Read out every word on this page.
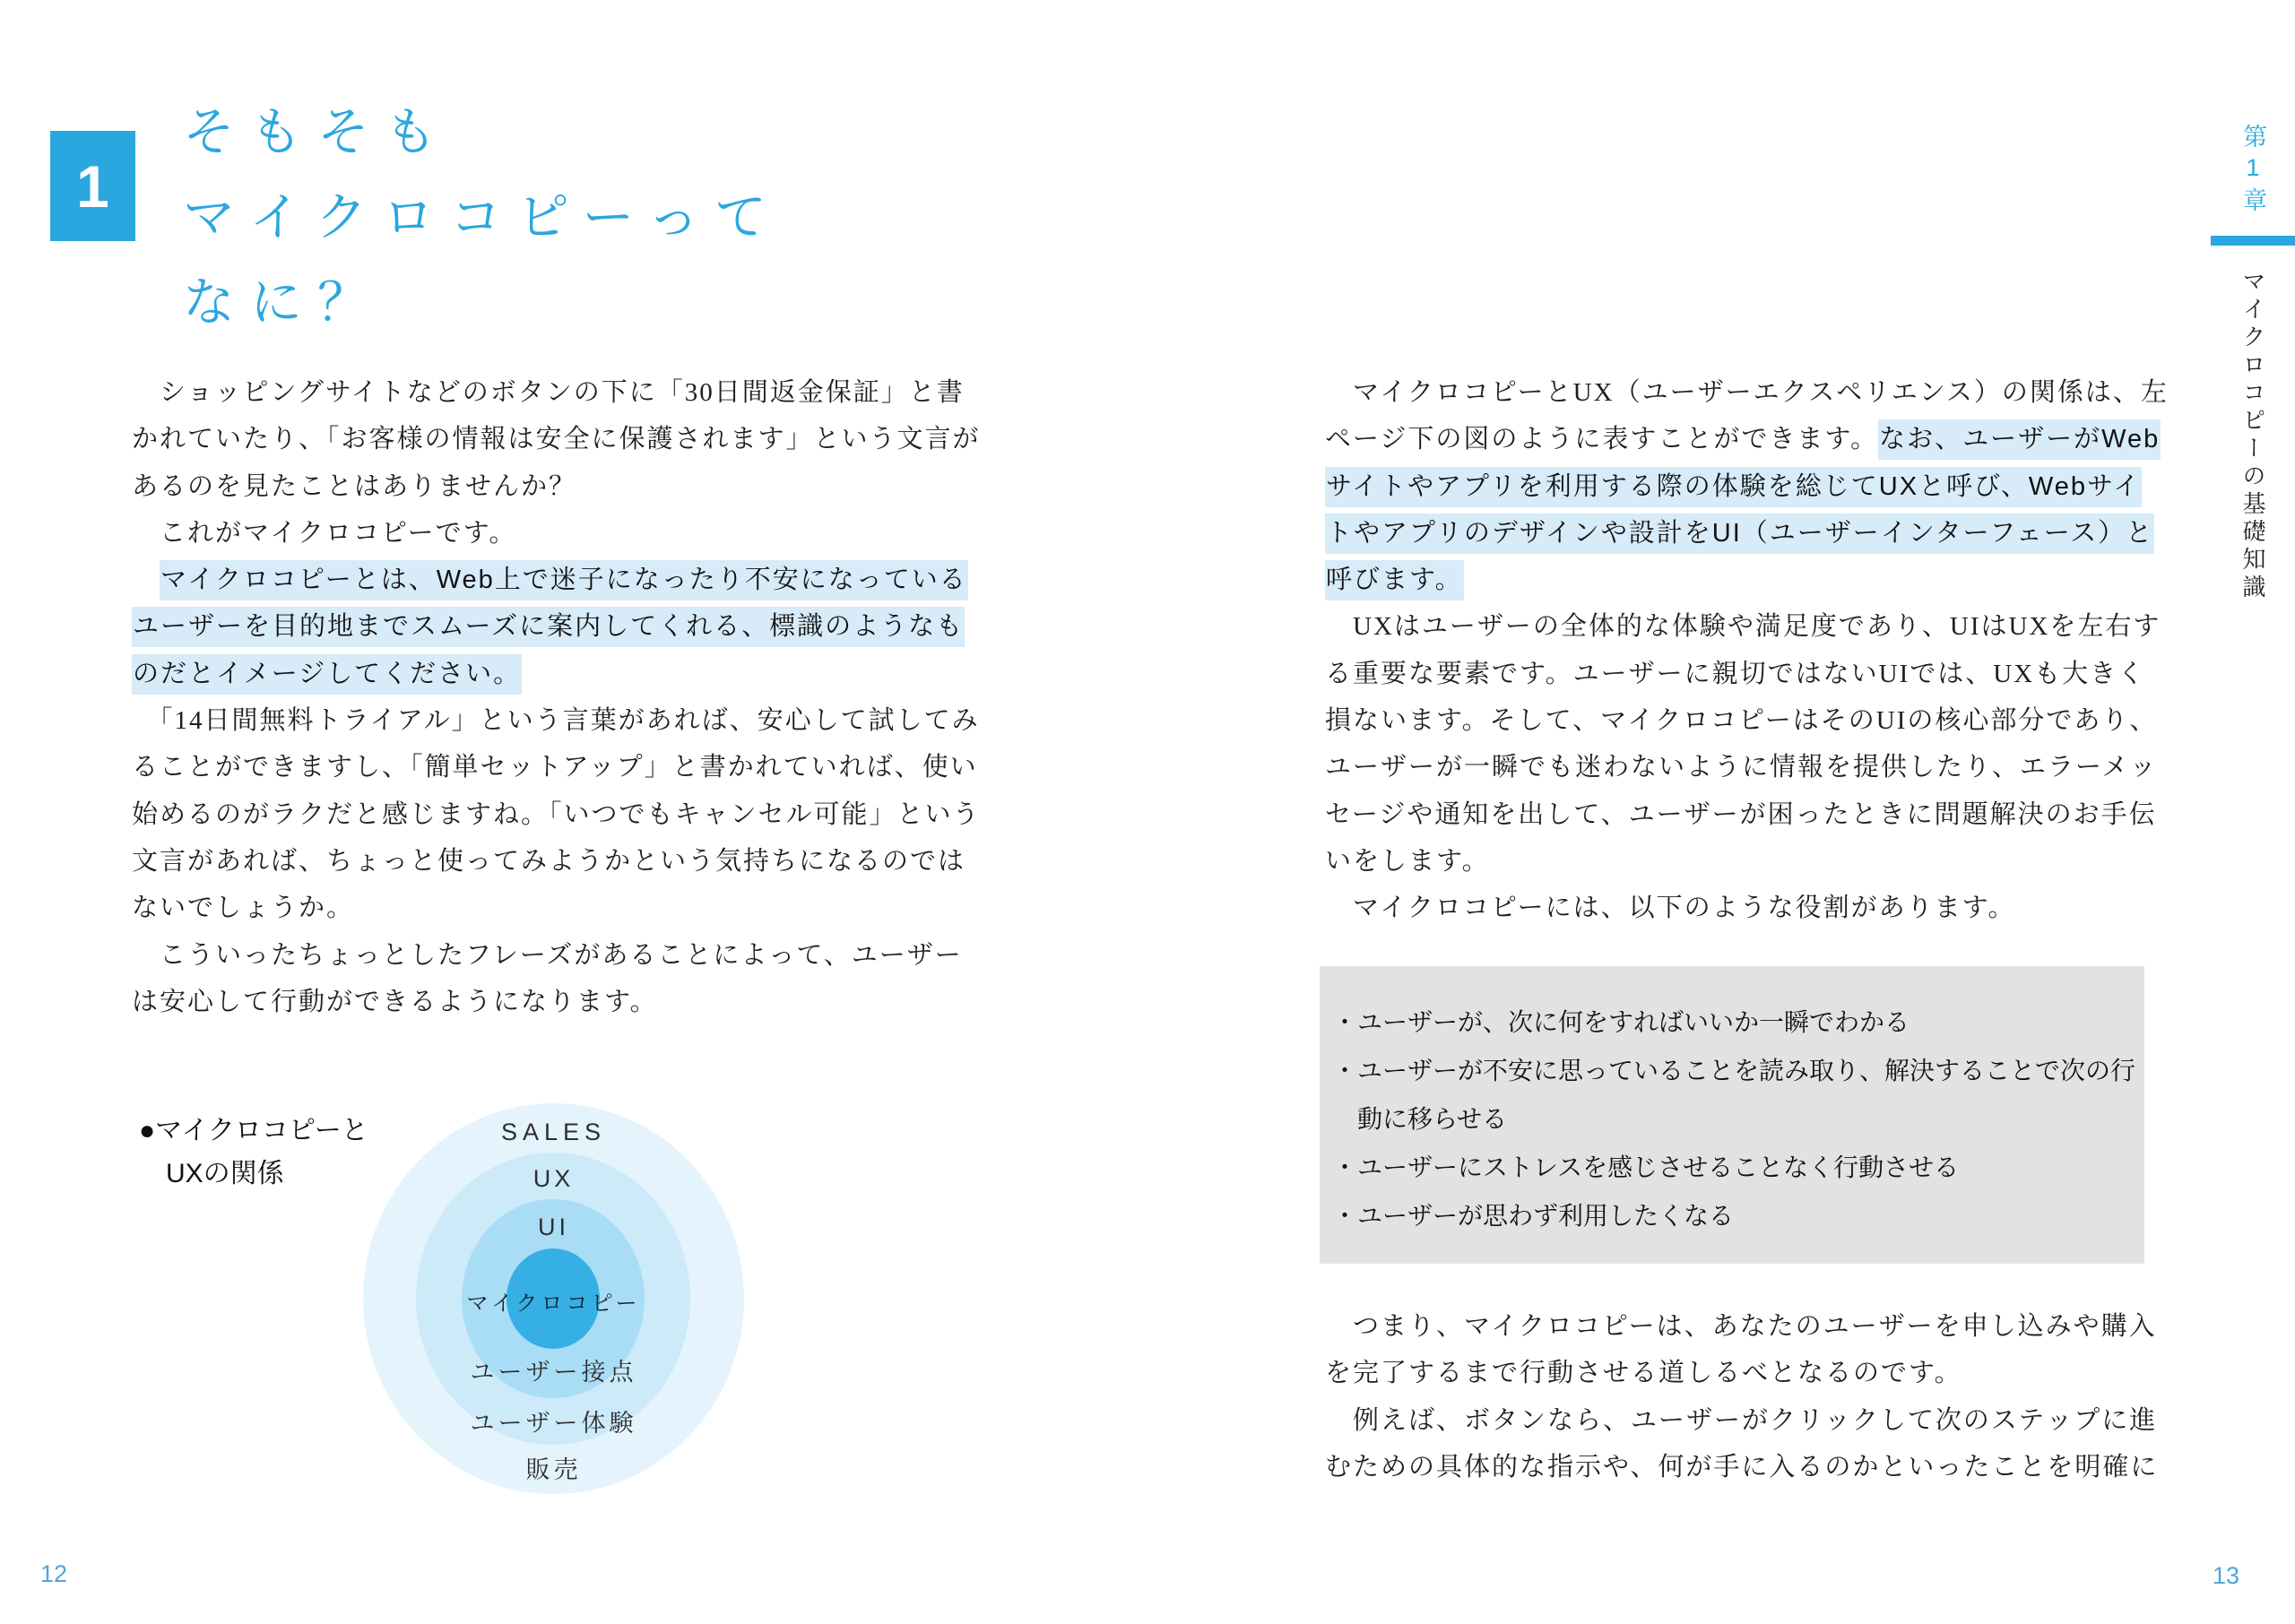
1
そもそも
マイクロコピーって
なに？
　ショッピングサイトなどのボタンの下に「30日間返金保証」と書
かれていたり、「お客様の情報は安全に保護されます」という文言が
あるのを見たことはありませんか？
　これがマイクロコピーです。
　マイクロコピーとは、Web上で迷子になったり不安になっている
ユーザーを目的地までスムーズに案内してくれる、標識のようなも
のだとイメージしてください。
　「14日間無料トライアル」という言葉があれば、安心して試してみ
ることができますし、「簡単セットアップ」と書かれていれば、使い
始めるのがラクだと感じますね。「いつでもキャンセル可能」という
文言があれば、ちょっと使ってみようかという気持ちになるのでは
ないでしょうか。
　こういったちょっとしたフレーズがあることによって、ユーザー
は安心して行動ができるようになります。
●マイクロコピーと
UXの関係
SALES
UX
UI
マイクロコピー
ユーザー接点
ユーザー体験
販売
　マイクロコピーとUX（ユーザーエクスペリエンス）の関係は、左
ページ下の図のように表すことができます。なお、ユーザーがWeb
サイトやアプリを利用する際の体験を総じてUXと呼び、Webサイ
トやアプリのデザインや設計をUI（ユーザーインターフェース）と
呼びます。
　UXはユーザーの全体的な体験や満足度であり、UIはUXを左右す
る重要な要素です。ユーザーに親切ではないUIでは、UXも大きく
損ないます。そして、マイクロコピーはそのUIの核心部分であり、
ユーザーが一瞬でも迷わないように情報を提供したり、エラーメッ
セージや通知を出して、ユーザーが困ったときに問題解決のお手伝
いをします。
　マイクロコピーには、以下のような役割があります。
・ユーザーが、次に何をすればいいか一瞬でわかる
・ユーザーが不安に思っていることを読み取り、解決することで次の行
　動に移らせる
・ユーザーにストレスを感じさせることなく行動させる
・ユーザーが思わず利用したくなる
　つまり、マイクロコピーは、あなたのユーザーを申し込みや購入
を完了するまで行動させる道しるべとなるのです。
　例えば、ボタンなら、ユーザーがクリックして次のステップに進
むための具体的な指示や、何が手に入るのかといったことを明確に
第1章
マイクロコピーの基礎知識
12	13
